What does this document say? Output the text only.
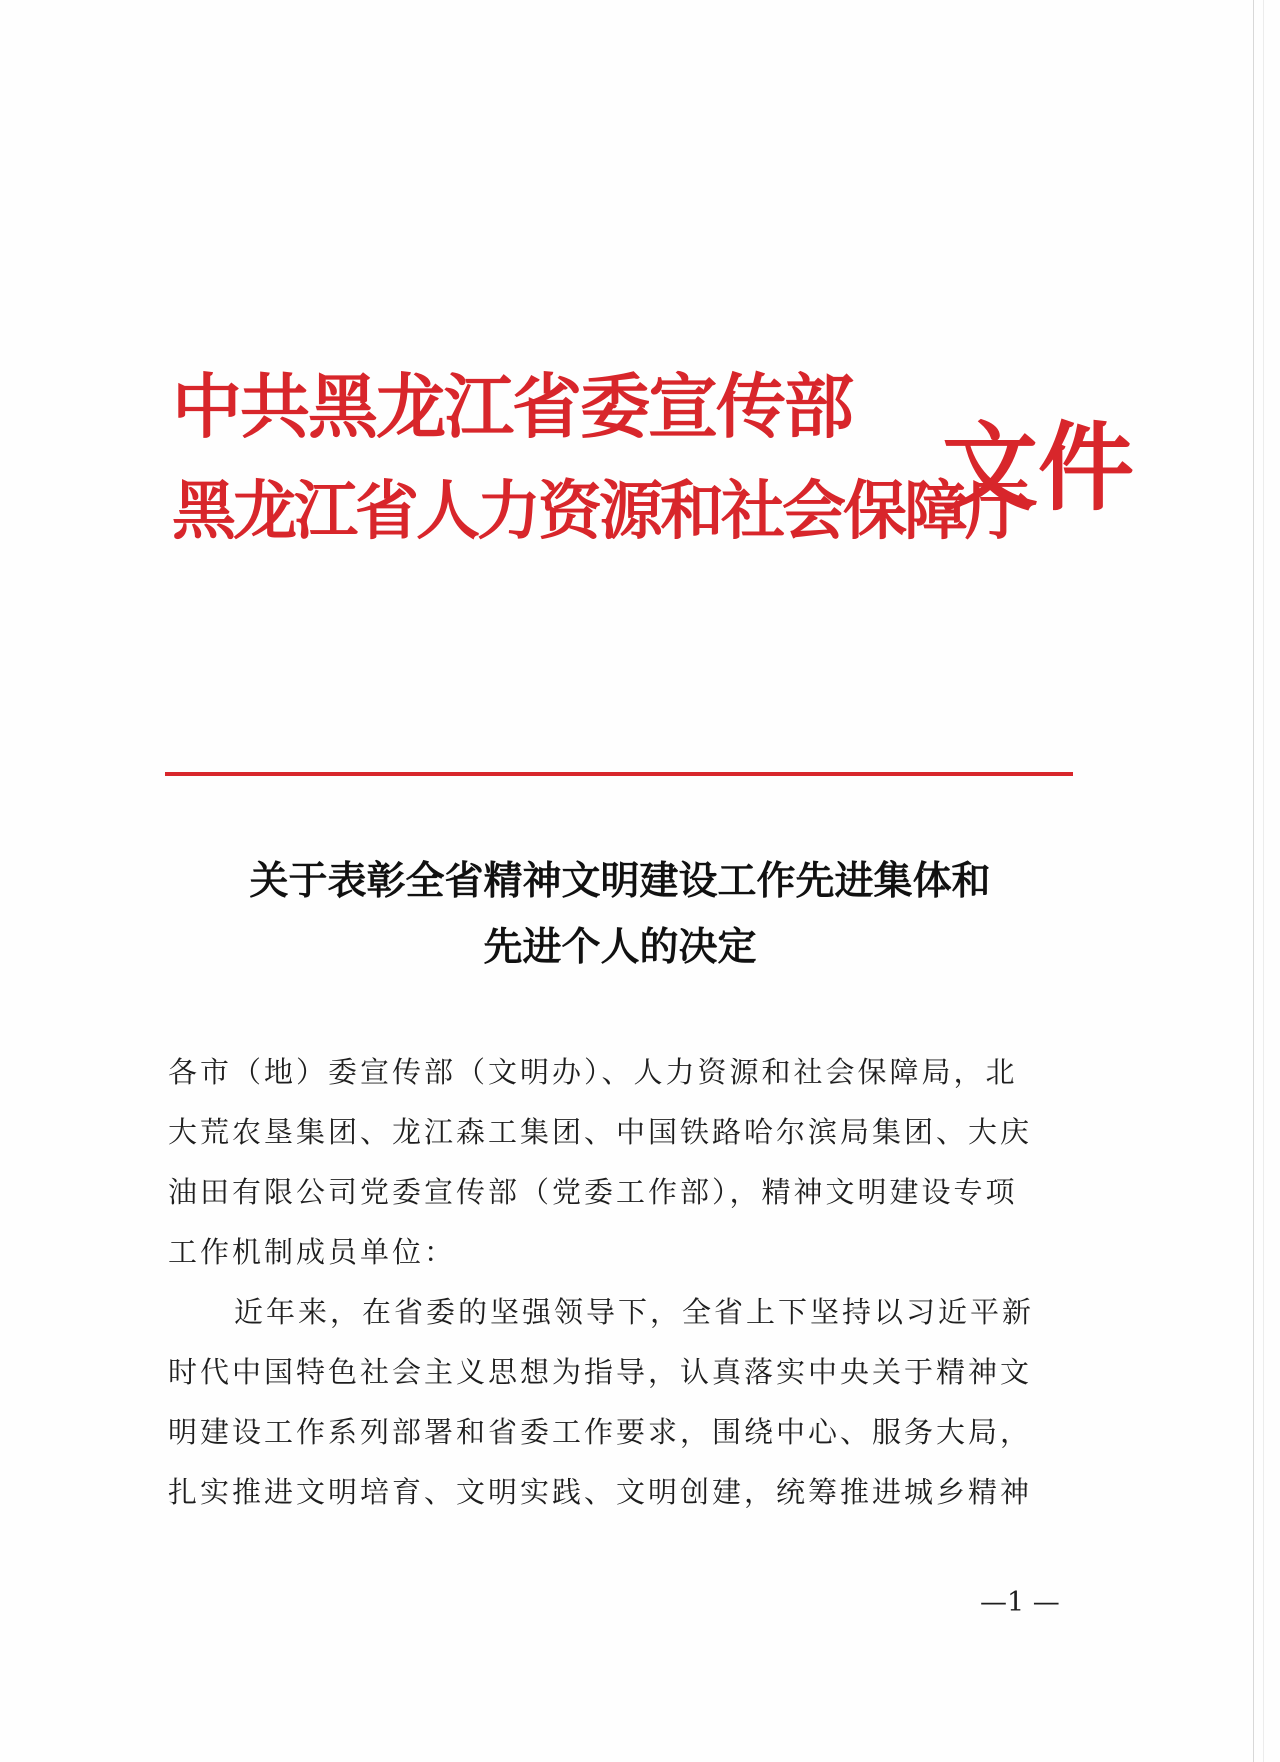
中共黑龙江省委宣传部
黑龙江省人力资源和社会保障厅
文件
关于表彰全省精神文明建设工作先进集体和
先进个人的决定
各市（地）委宣传部（文明办）、人力资源和社会保障局，北
大荒农垦集团、龙江森工集团、中国铁路哈尔滨局集团、大庆
油田有限公司党委宣传部（党委工作部），精神文明建设专项
工作机制成员单位：
近年来，在省委的坚强领导下，全省上下坚持以习近平新
时代中国特色社会主义思想为指导，认真落实中央关于精神文
明建设工作系列部署和省委工作要求，围绕中心、服务大局，
扎实推进文明培育、文明实践、文明创建，统筹推进城乡精神
—1 —
